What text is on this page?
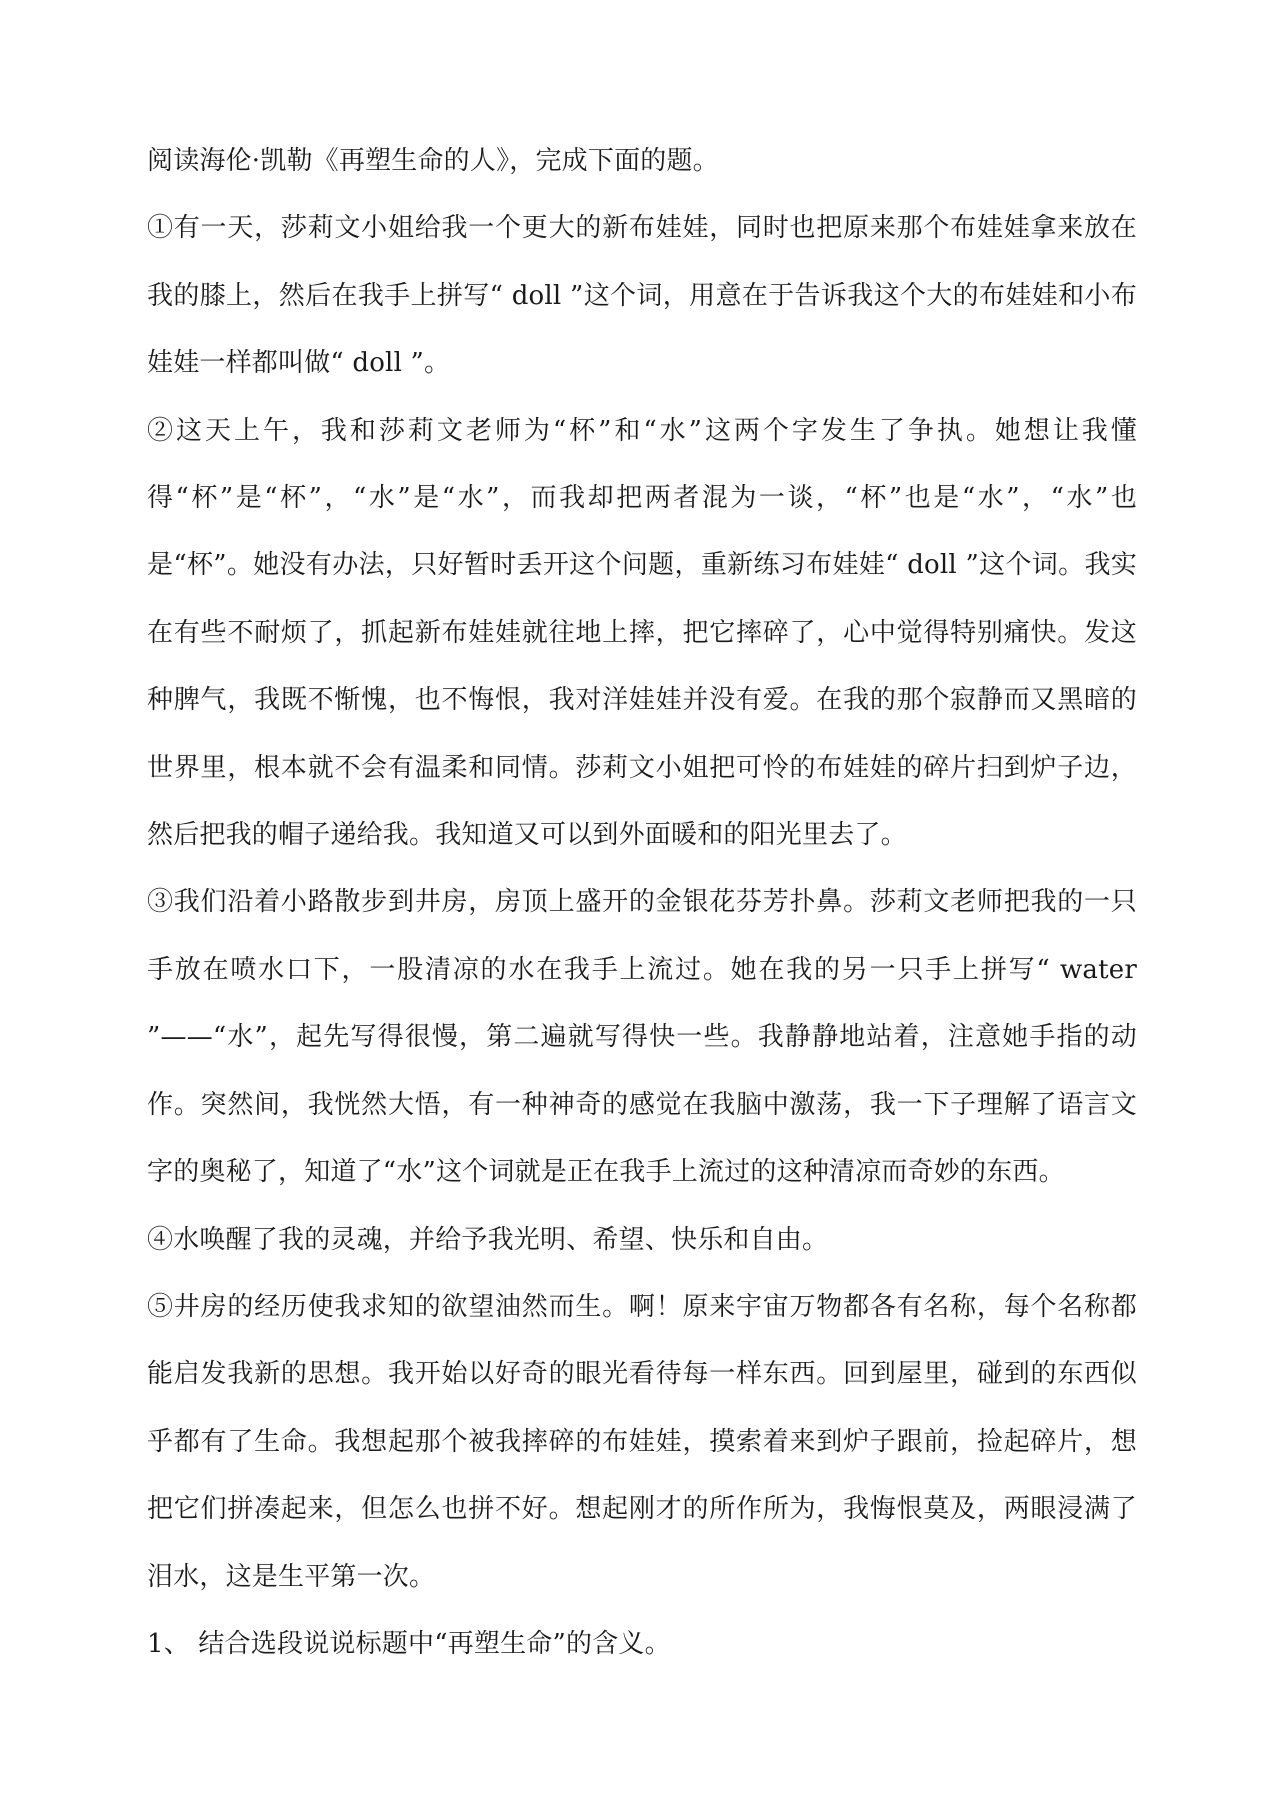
阅读海伦·凯勒《再塑生命的人》，完成下面的题。

①有一天，莎莉文小姐给我一个更大的新布娃娃，同时也把原来那个布娃娃拿来放在我的膝上，然后在我手上拼写“ doll ”这个词，用意在于告诉我这个大的布娃娃和小布娃娃一样都叫做“ doll ”。

②这天上午，我和莎莉文老师为“杯”和“水”这两个字发生了争执。她想让我懂得“杯”是“杯”，“水”是“水”，而我却把两者混为一谈，“杯”也是“水”，“水”也是“杯”。她没有办法，只好暂时丢开这个问题，重新练习布娃娃“ doll ”这个词。我实在有些不耐烦了，抓起新布娃娃就往地上摔，把它摔碎了，心中觉得特别痛快。发这种脾气，我既不惭愧，也不悔恨，我对洋娃娃并没有爱。在我的那个寂静而又黑暗的世界里，根本就不会有温柔和同情。莎莉文小姐把可怜的布娃娃的碎片扫到炉子边，然后把我的帽子递给我。我知道又可以到外面暖和的阳光里去了。

③我们沿着小路散步到井房，房顶上盛开的金银花芬芳扑鼻。莎莉文老师把我的一只手放在喷水口下，一股清凉的水在我手上流过。她在我的另一只手上拼写“ water ”——“水”，起先写得很慢，第二遍就写得快一些。我静静地站着，注意她手指的动作。突然间，我恍然大悟，有一种神奇的感觉在我脑中激荡，我一下子理解了语言文字的奥秘了，知道了“水”这个词就是正在我手上流过的这种清凉而奇妙的东西。

④水唤醒了我的灵魂，并给予我光明、希望、快乐和自由。

⑤井房的经历使我求知的欲望油然而生。啊！原来宇宙万物都各有名称，每个名称都能启发我新的思想。我开始以好奇的眼光看待每一样东西。回到屋里，碰到的东西似乎都有了生命。我想起那个被我摔碎的布娃娃，摸索着来到炉子跟前，捡起碎片，想把它们拼凑起来，但怎么也拼不好。想起刚才的所作所为，我悔恨莫及，两眼浸满了泪水，这是生平第一次。

1、 结合选段说说标题中“再塑生命”的含义。
